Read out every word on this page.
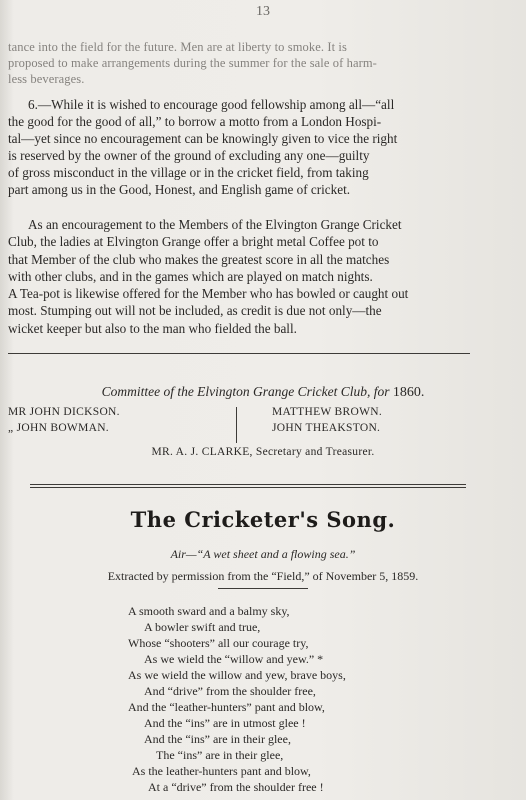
13
tance into the field for the future. Men are at liberty to smoke. It is
proposed to make arrangements during the summer for the sale of harm-
less beverages.
6.—While it is wished to encourage good fellowship among all—“all
the good for the good of all,” to borrow a motto from a London Hospi-
tal—yet since no encouragement can be knowingly given to vice the right
is reserved by the owner of the ground of excluding any one—guilty
of gross misconduct in the village or in the cricket field, from taking
part among us in the Good, Honest, and English game of cricket.
As an encouragement to the Members of the Elvington Grange Cricket
Club, the ladies at Elvington Grange offer a bright metal Coffee pot to
that Member of the club who makes the greatest score in all the matches
with other clubs, and in the games which are played on match nights.
A Tea-pot is likewise offered for the Member who has bowled or caught out
most. Stumping out will not be included, as credit is due not only—the
wicket keeper but also to the man who fielded the ball.
Committee of the Elvington Grange Cricket Club, for 1860.
MR JOHN DICKSON.
„ JOHN BOWMAN.
MATTHEW BROWN.
JOHN THEAKSTON.
MR. A. J. CLARKE, Secretary and Treasurer.
The Cricketer's Song.
Air—“A wet sheet and a flowing sea.”
Extracted by permission from the “Field,” of November 5, 1859.
A smooth sward and a balmy sky,
A bowler swift and true,
Whose “shooters” all our courage try,
As we wield the “willow and yew.” *
As we wield the willow and yew, brave boys,
And “drive” from the shoulder free,
And the “leather-hunters” pant and blow,
And the “ins” are in utmost glee !
And the “ins” are in their glee,
The “ins” are in their glee,
As the leather-hunters pant and blow,
At a “drive” from the shoulder free !
